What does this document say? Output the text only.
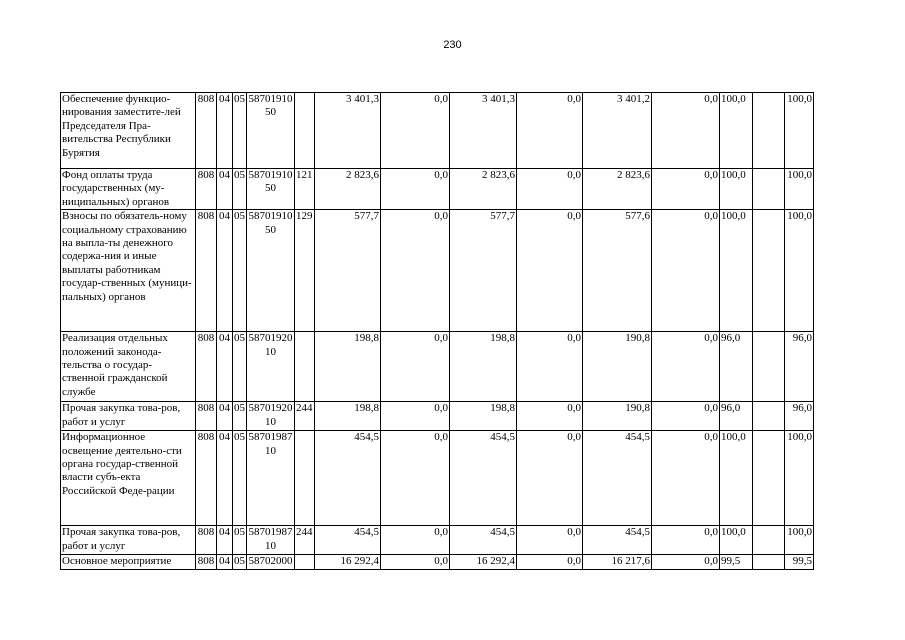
230
Обеспечение функцио-нирования заместите-лей Председателя Пра-вительства Республики Бурятия	808	04	05	5870191050		3 401,3	0,0	3 401,3	0,0	3 401,2	0,0	100,0		100,0
Фонд оплаты труда государственных (му-ниципальных) органов	808	04	05	5870191050	121	2 823,6	0,0	2 823,6	0,0	2 823,6	0,0	100,0		100,0
Взносы по обязатель-ному социальному страхованию на выпла-ты денежного содержа-ния и иные выплаты работникам государ-ственных (муници-пальных) органов	808	04	05	5870191050	129	577,7	0,0	577,7	0,0	577,6	0,0	100,0		100,0
Реализация отдельных положений законода-тельства о государ-ственной гражданской службе	808	04	05	5870192010		198,8	0,0	198,8	0,0	190,8	0,0	96,0		96,0
Прочая закупка това-ров, работ и услуг	808	04	05	5870192010	244	198,8	0,0	198,8	0,0	190,8	0,0	96,0		96,0
Информационное освещение деятельно-сти органа государ-ственной власти субъ-екта Российской Феде-рации	808	04	05	5870198710		454,5	0,0	454,5	0,0	454,5	0,0	100,0		100,0
Прочая закупка това-ров, работ и услуг	808	04	05	5870198710	244	454,5	0,0	454,5	0,0	454,5	0,0	100,0		100,0
Основное мероприятие	808	04	05	58702000		16 292,4	0,0	16 292,4	0,0	16 217,6	0,0	99,5		99,5
